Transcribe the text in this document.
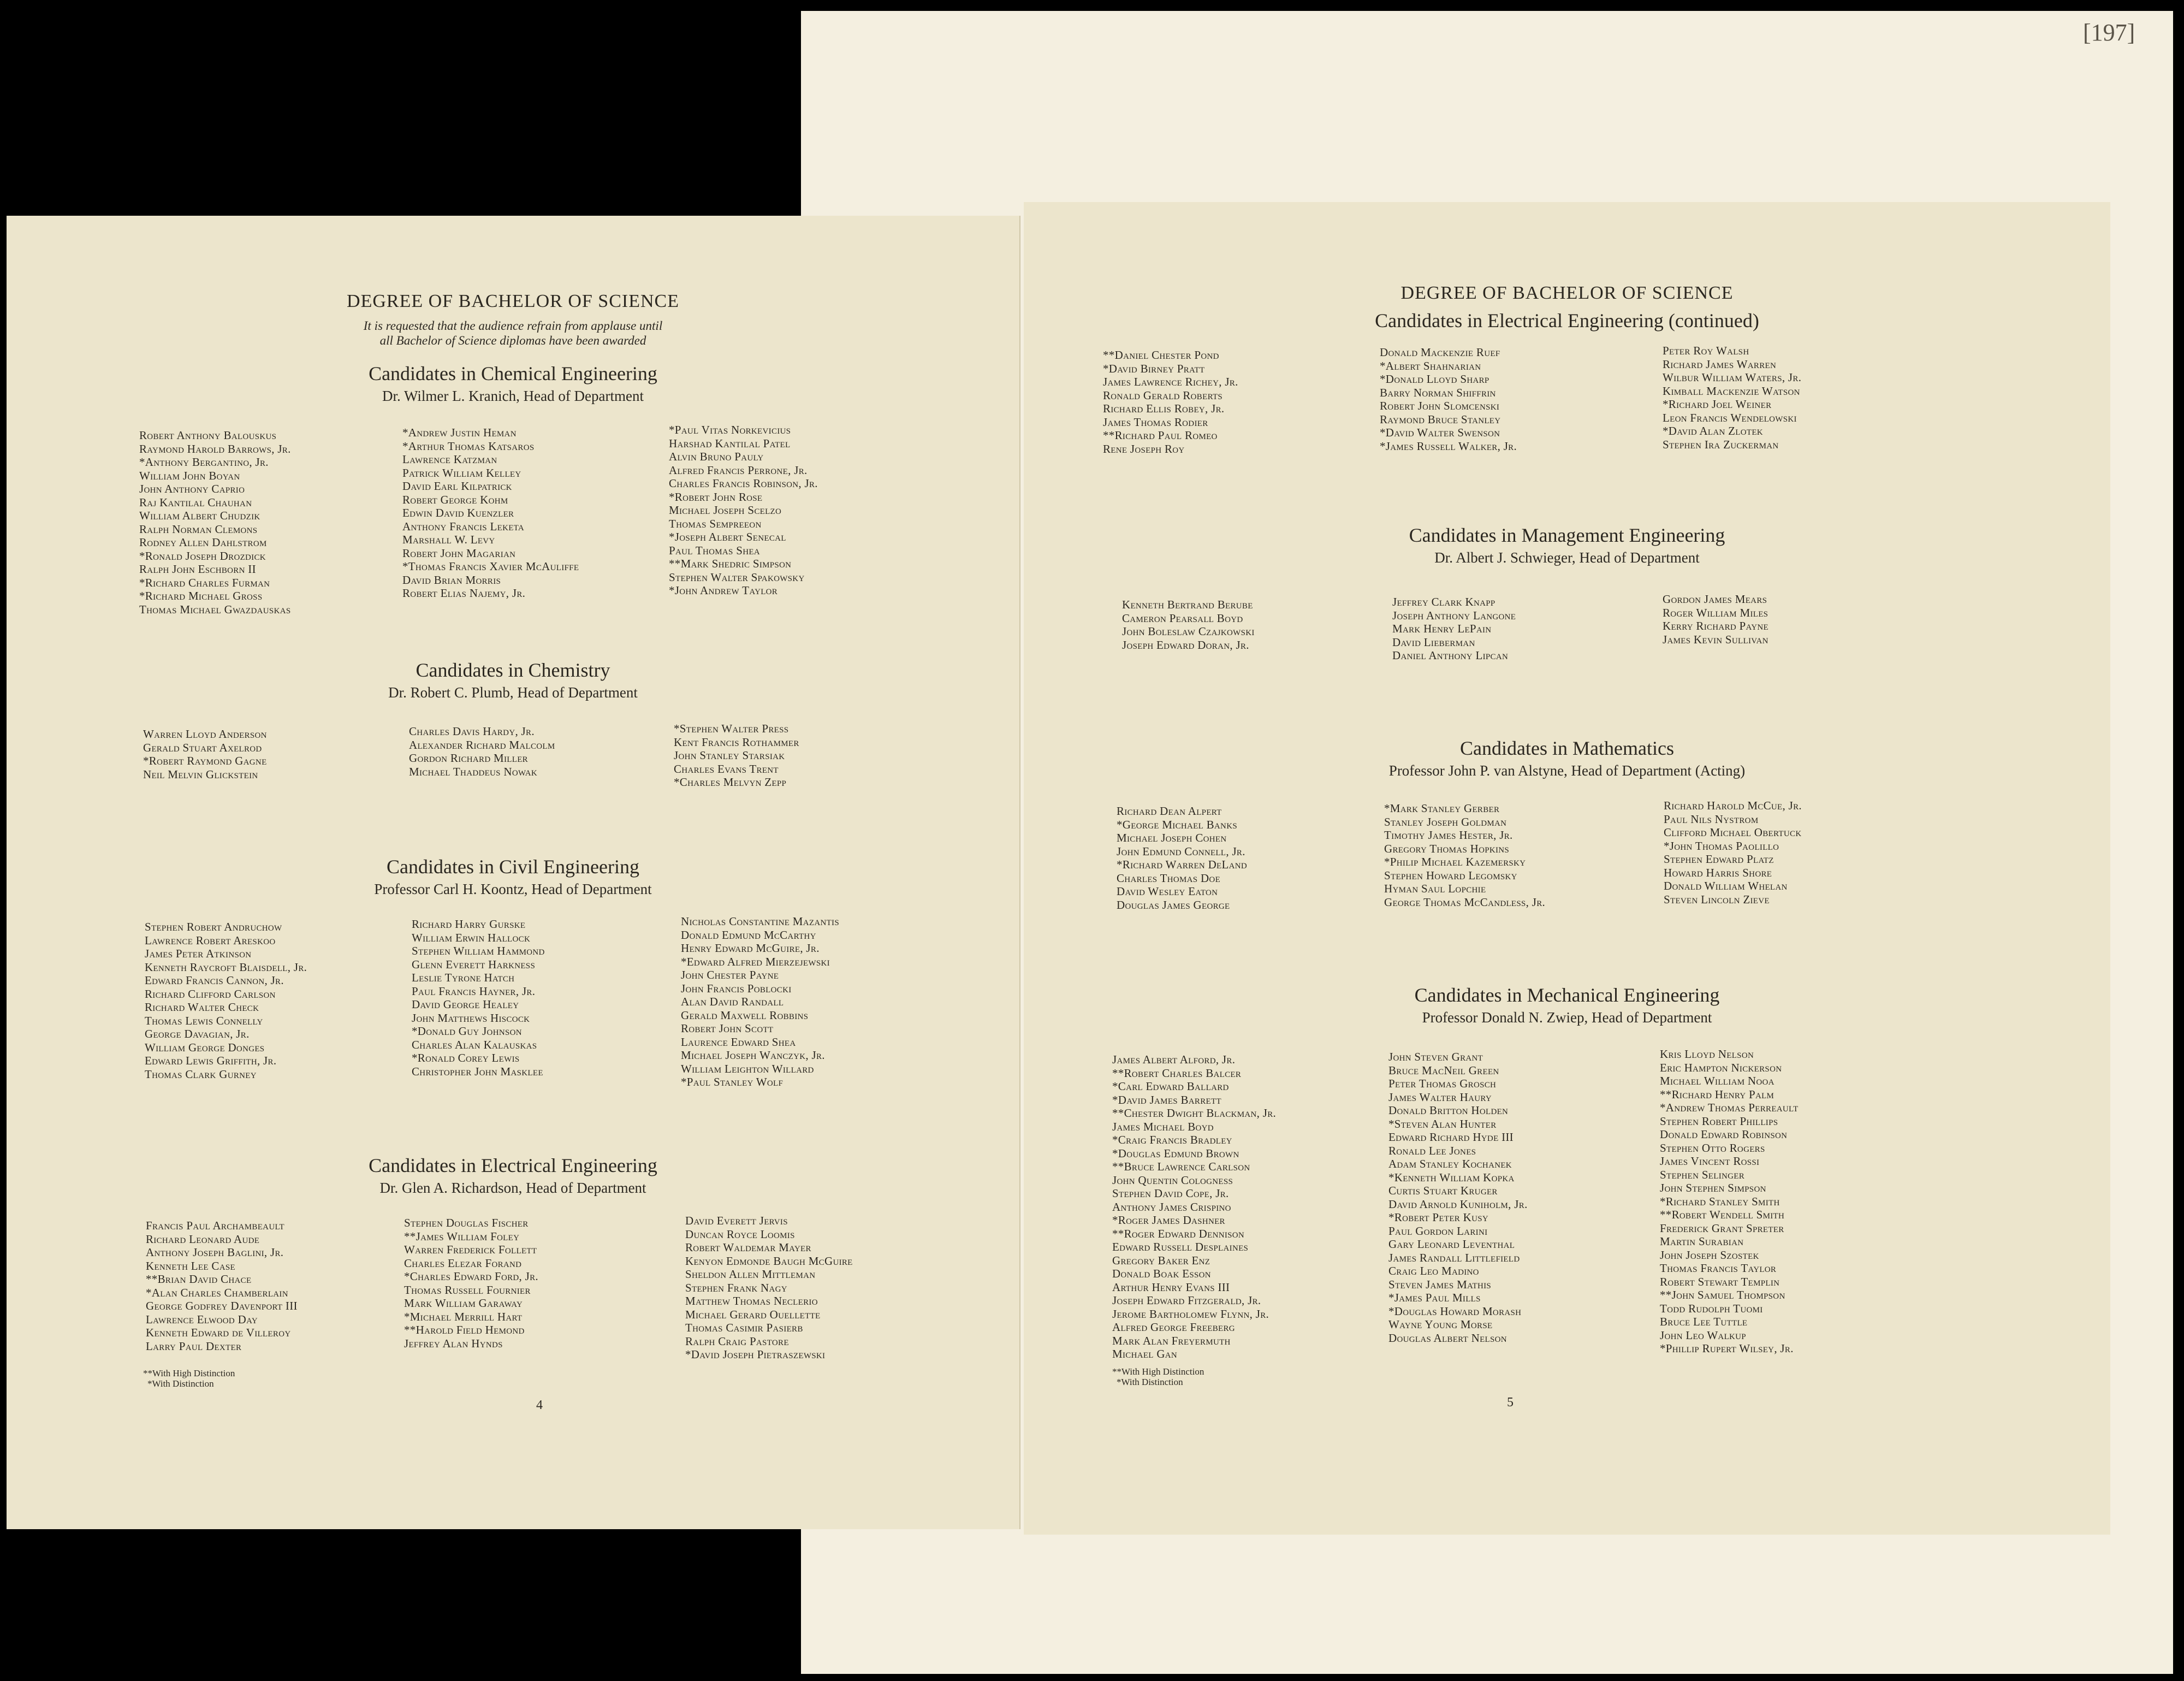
[197]
DEGREE OF BACHELOR OF SCIENCE
It is requested that the audience refrain from applause until
all Bachelor of Science diplomas have been awarded
Candidates in Chemical Engineering
Dr. Wilmer L. Kranich, Head of Department
Robert Anthony Balouskus
Raymond Harold Barrows, Jr.
*Anthony Bergantino, Jr.
William John Boyan
John Anthony Caprio
Raj Kantilal Chauhan
William Albert Chudzik
Ralph Norman Clemons
Rodney Allen Dahlstrom
*Ronald Joseph Drozdick
Ralph John Eschborn II
*Richard Charles Furman
*Richard Michael Gross
Thomas Michael Gwazdauskas
*Andrew Justin Heman
*Arthur Thomas Katsaros
Lawrence Katzman
Patrick William Kelley
David Earl Kilpatrick
Robert George Kohm
Edwin David Kuenzler
Anthony Francis Leketa
Marshall W. Levy
Robert John Magarian
*Thomas Francis Xavier McAuliffe
David Brian Morris
Robert Elias Najemy, Jr.
*Paul Vitas Norkevicius
Harshad Kantilal Patel
Alvin Bruno Pauly
Alfred Francis Perrone, Jr.
Charles Francis Robinson, Jr.
*Robert John Rose
Michael Joseph Scelzo
Thomas Sempreeon
*Joseph Albert Senecal
Paul Thomas Shea
**Mark Shedric Simpson
Stephen Walter Spakowsky
*John Andrew Taylor
Candidates in Chemistry
Dr. Robert C. Plumb, Head of Department
Warren Lloyd Anderson
Gerald Stuart Axelrod
*Robert Raymond Gagne
Neil Melvin Glickstein
Charles Davis Hardy, Jr.
Alexander Richard Malcolm
Gordon Richard Miller
Michael Thaddeus Nowak
*Stephen Walter Press
Kent Francis Rothammer
John Stanley Starsiak
Charles Evans Trent
*Charles Melvyn Zepp
Candidates in Civil Engineering
Professor Carl H. Koontz, Head of Department
Stephen Robert Andruchow
Lawrence Robert Areskoo
James Peter Atkinson
Kenneth Raycroft Blaisdell, Jr.
Edward Francis Cannon, Jr.
Richard Clifford Carlson
Richard Walter Check
Thomas Lewis Connelly
George Davagian, Jr.
William George Donges
Edward Lewis Griffith, Jr.
Thomas Clark Gurney
Richard Harry Gurske
William Erwin Hallock
Stephen William Hammond
Glenn Everett Harkness
Leslie Tyrone Hatch
Paul Francis Hayner, Jr.
David George Healey
John Matthews Hiscock
*Donald Guy Johnson
Charles Alan Kalauskas
*Ronald Corey Lewis
Christopher John Masklee
Nicholas Constantine Mazantis
Donald Edmund McCarthy
Henry Edward McGuire, Jr.
*Edward Alfred Mierzejewski
John Chester Payne
John Francis Poblocki
Alan David Randall
Gerald Maxwell Robbins
Robert John Scott
Laurence Edward Shea
Michael Joseph Wanczyk, Jr.
William Leighton Willard
*Paul Stanley Wolf
Candidates in Electrical Engineering
Dr. Glen A. Richardson, Head of Department
Francis Paul Archambeault
Richard Leonard Aude
Anthony Joseph Baglini, Jr.
Kenneth Lee Case
**Brian David Chace
*Alan Charles Chamberlain
George Godfrey Davenport III
Lawrence Elwood Day
Kenneth Edward de Villeroy
Larry Paul Dexter
Stephen Douglas Fischer
**James William Foley
Warren Frederick Follett
Charles Elezar Forand
*Charles Edward Ford, Jr.
Thomas Russell Fournier
Mark William Garaway
*Michael Merrill Hart
**Harold Field Hemond
Jeffrey Alan Hynds
David Everett Jervis
Duncan Royce Loomis
Robert Waldemar Mayer
Kenyon Edmonde Baugh McGuire
Sheldon Allen Mittleman
Stephen Frank Nagy
Matthew Thomas Neclerio
Michael Gerard Ouellette
Thomas Casimir Pasierb
Ralph Craig Pastore
*David Joseph Pietraszewski
**With High Distinction
*With Distinction
4
DEGREE OF BACHELOR OF SCIENCE
Candidates in Electrical Engineering (continued)
**Daniel Chester Pond
*David Birney Pratt
James Lawrence Richey, Jr.
Ronald Gerald Roberts
Richard Ellis Robey, Jr.
James Thomas Rodier
**Richard Paul Romeo
Rene Joseph Roy
Donald Mackenzie Ruef
*Albert Shahnarian
*Donald Lloyd Sharp
Barry Norman Shiffrin
Robert John Slomcenski
Raymond Bruce Stanley
*David Walter Swenson
*James Russell Walker, Jr.
Peter Roy Walsh
Richard James Warren
Wilbur William Waters, Jr.
Kimball Mackenzie Watson
*Richard Joel Weiner
Leon Francis Wendelowski
*David Alan Zlotek
Stephen Ira Zuckerman
Candidates in Management Engineering
Dr. Albert J. Schwieger, Head of Department
Kenneth Bertrand Berube
Cameron Pearsall Boyd
John Boleslaw Czajkowski
Joseph Edward Doran, Jr.
Jeffrey Clark Knapp
Joseph Anthony Langone
Mark Henry LePain
David Lieberman
Daniel Anthony Lipcan
Gordon James Mears
Roger William Miles
Kerry Richard Payne
James Kevin Sullivan
Candidates in Mathematics
Professor John P. van Alstyne, Head of Department (Acting)
Richard Dean Alpert
*George Michael Banks
Michael Joseph Cohen
John Edmund Connell, Jr.
*Richard Warren DeLand
Charles Thomas Doe
David Wesley Eaton
Douglas James George
*Mark Stanley Gerber
Stanley Joseph Goldman
Timothy James Hester, Jr.
Gregory Thomas Hopkins
*Philip Michael Kazemersky
Stephen Howard Legomsky
Hyman Saul Lopchie
George Thomas McCandless, Jr.
Richard Harold McCue, Jr.
Paul Nils Nystrom
Clifford Michael Obertuck
*John Thomas Paolillo
Stephen Edward Platz
Howard Harris Shore
Donald William Whelan
Steven Lincoln Zieve
Candidates in Mechanical Engineering
Professor Donald N. Zwiep, Head of Department
James Albert Alford, Jr.
**Robert Charles Balcer
*Carl Edward Ballard
*David James Barrett
**Chester Dwight Blackman, Jr.
James Michael Boyd
*Craig Francis Bradley
*Douglas Edmund Brown
**Bruce Lawrence Carlson
John Quentin Cologness
Stephen David Cope, Jr.
Anthony James Crispino
*Roger James Dashner
**Roger Edward Dennison
Edward Russell Desplaines
Gregory Baker Enz
Donald Boak Esson
Arthur Henry Evans III
Joseph Edward Fitzgerald, Jr.
Jerome Bartholomew Flynn, Jr.
Alfred George Freeberg
Mark Alan Freyermuth
Michael Gan
John Steven Grant
Bruce MacNeil Green
Peter Thomas Grosch
James Walter Haury
Donald Britton Holden
*Steven Alan Hunter
Edward Richard Hyde III
Ronald Lee Jones
Adam Stanley Kochanek
*Kenneth William Kopka
Curtis Stuart Kruger
David Arnold Kuniholm, Jr.
*Robert Peter Kusy
Paul Gordon Larini
Gary Leonard Leventhal
James Randall Littlefield
Craig Leo Madino
Steven James Mathis
*James Paul Mills
*Douglas Howard Morash
Wayne Young Morse
Douglas Albert Nelson
Kris Lloyd Nelson
Eric Hampton Nickerson
Michael William Nooa
**Richard Henry Palm
*Andrew Thomas Perreault
Stephen Robert Phillips
Donald Edward Robinson
Stephen Otto Rogers
James Vincent Rossi
Stephen Selinger
John Stephen Simpson
*Richard Stanley Smith
**Robert Wendell Smith
Frederick Grant Spreter
Martin Surabian
John Joseph Szostek
Thomas Francis Taylor
Robert Stewart Templin
**John Samuel Thompson
Todd Rudolph Tuomi
Bruce Lee Tuttle
John Leo Walkup
*Phillip Rupert Wilsey, Jr.
**With High Distinction
*With Distinction
5
